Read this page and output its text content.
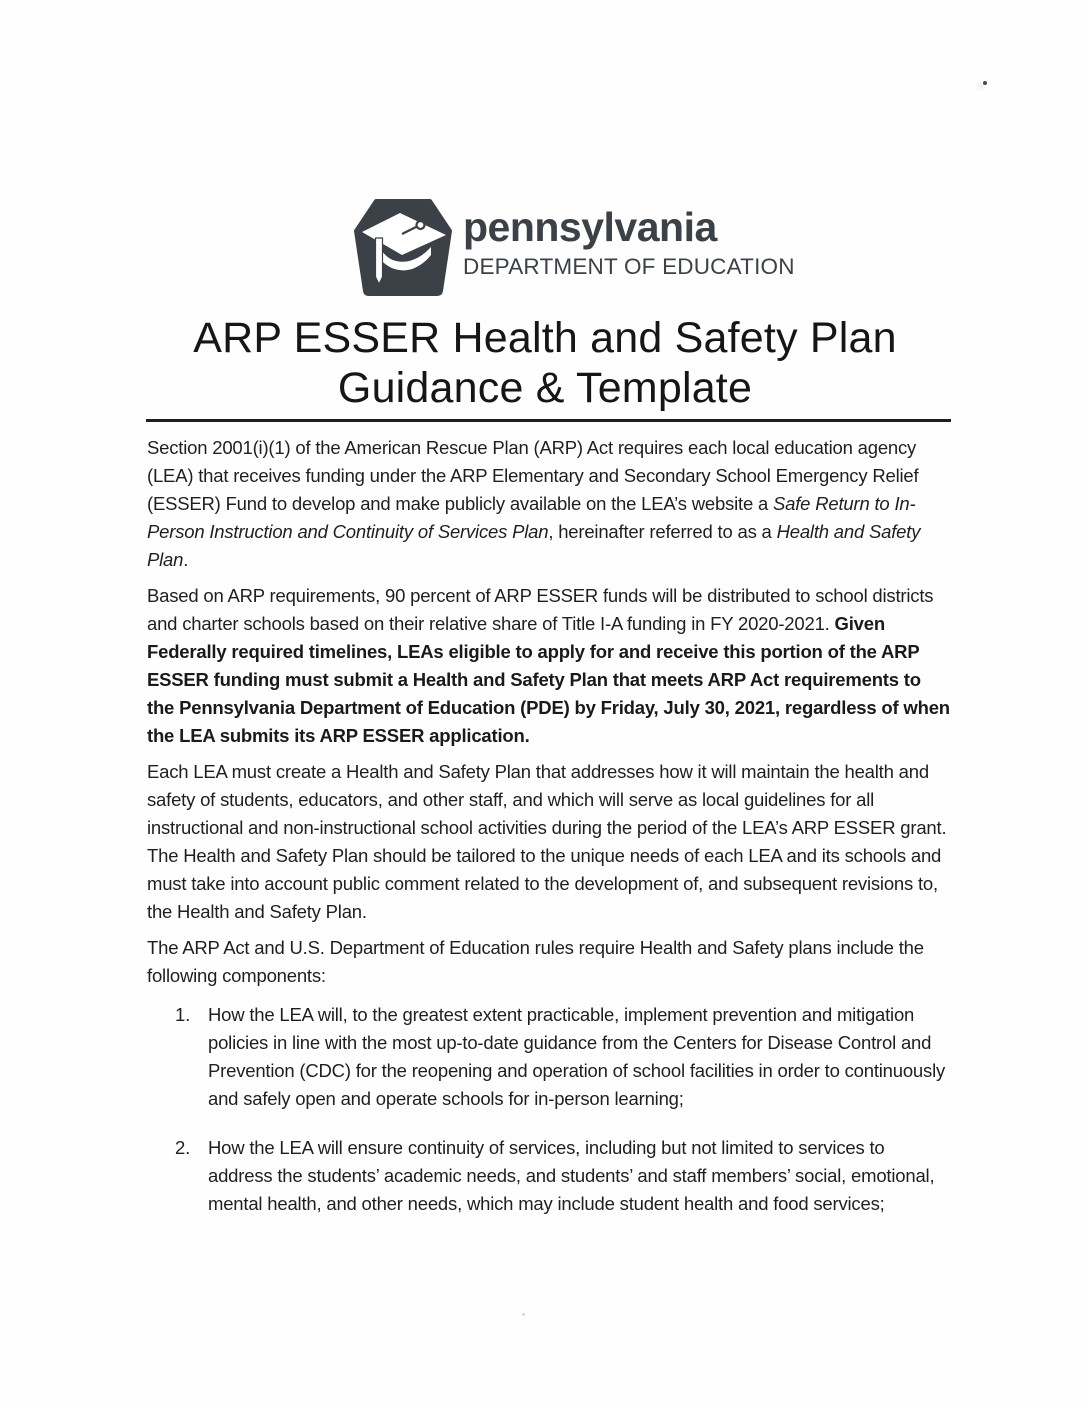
pennsylvania
DEPARTMENT OF EDUCATION
ARP ESSER Health and Safety Plan
Guidance & Template

Section 2001(i)(1) of the American Rescue Plan (ARP) Act requires each local education agency (LEA) that receives funding under the ARP Elementary and Secondary School Emergency Relief (ESSER) Fund to develop and make publicly available on the LEA’s website a Safe Return to In-Person Instruction and Continuity of Services Plan, hereinafter referred to as a Health and Safety Plan.

Based on ARP requirements, 90 percent of ARP ESSER funds will be distributed to school districts and charter schools based on their relative share of Title I-A funding in FY 2020-2021. Given Federally required timelines, LEAs eligible to apply for and receive this portion of the ARP ESSER funding must submit a Health and Safety Plan that meets ARP Act requirements to the Pennsylvania Department of Education (PDE) by Friday, July 30, 2021, regardless of when the LEA submits its ARP ESSER application.

Each LEA must create a Health and Safety Plan that addresses how it will maintain the health and safety of students, educators, and other staff, and which will serve as local guidelines for all instructional and non-instructional school activities during the period of the LEA’s ARP ESSER grant. The Health and Safety Plan should be tailored to the unique needs of each LEA and its schools and must take into account public comment related to the development of, and subsequent revisions to, the Health and Safety Plan.

The ARP Act and U.S. Department of Education rules require Health and Safety plans include the following components:

1. How the LEA will, to the greatest extent practicable, implement prevention and mitigation policies in line with the most up-to-date guidance from the Centers for Disease Control and Prevention (CDC) for the reopening and operation of school facilities in order to continuously and safely open and operate schools for in-person learning;
2. How the LEA will ensure continuity of services, including but not limited to services to address the students’ academic needs, and students’ and staff members’ social, emotional, mental health, and other needs, which may include student health and food services;
